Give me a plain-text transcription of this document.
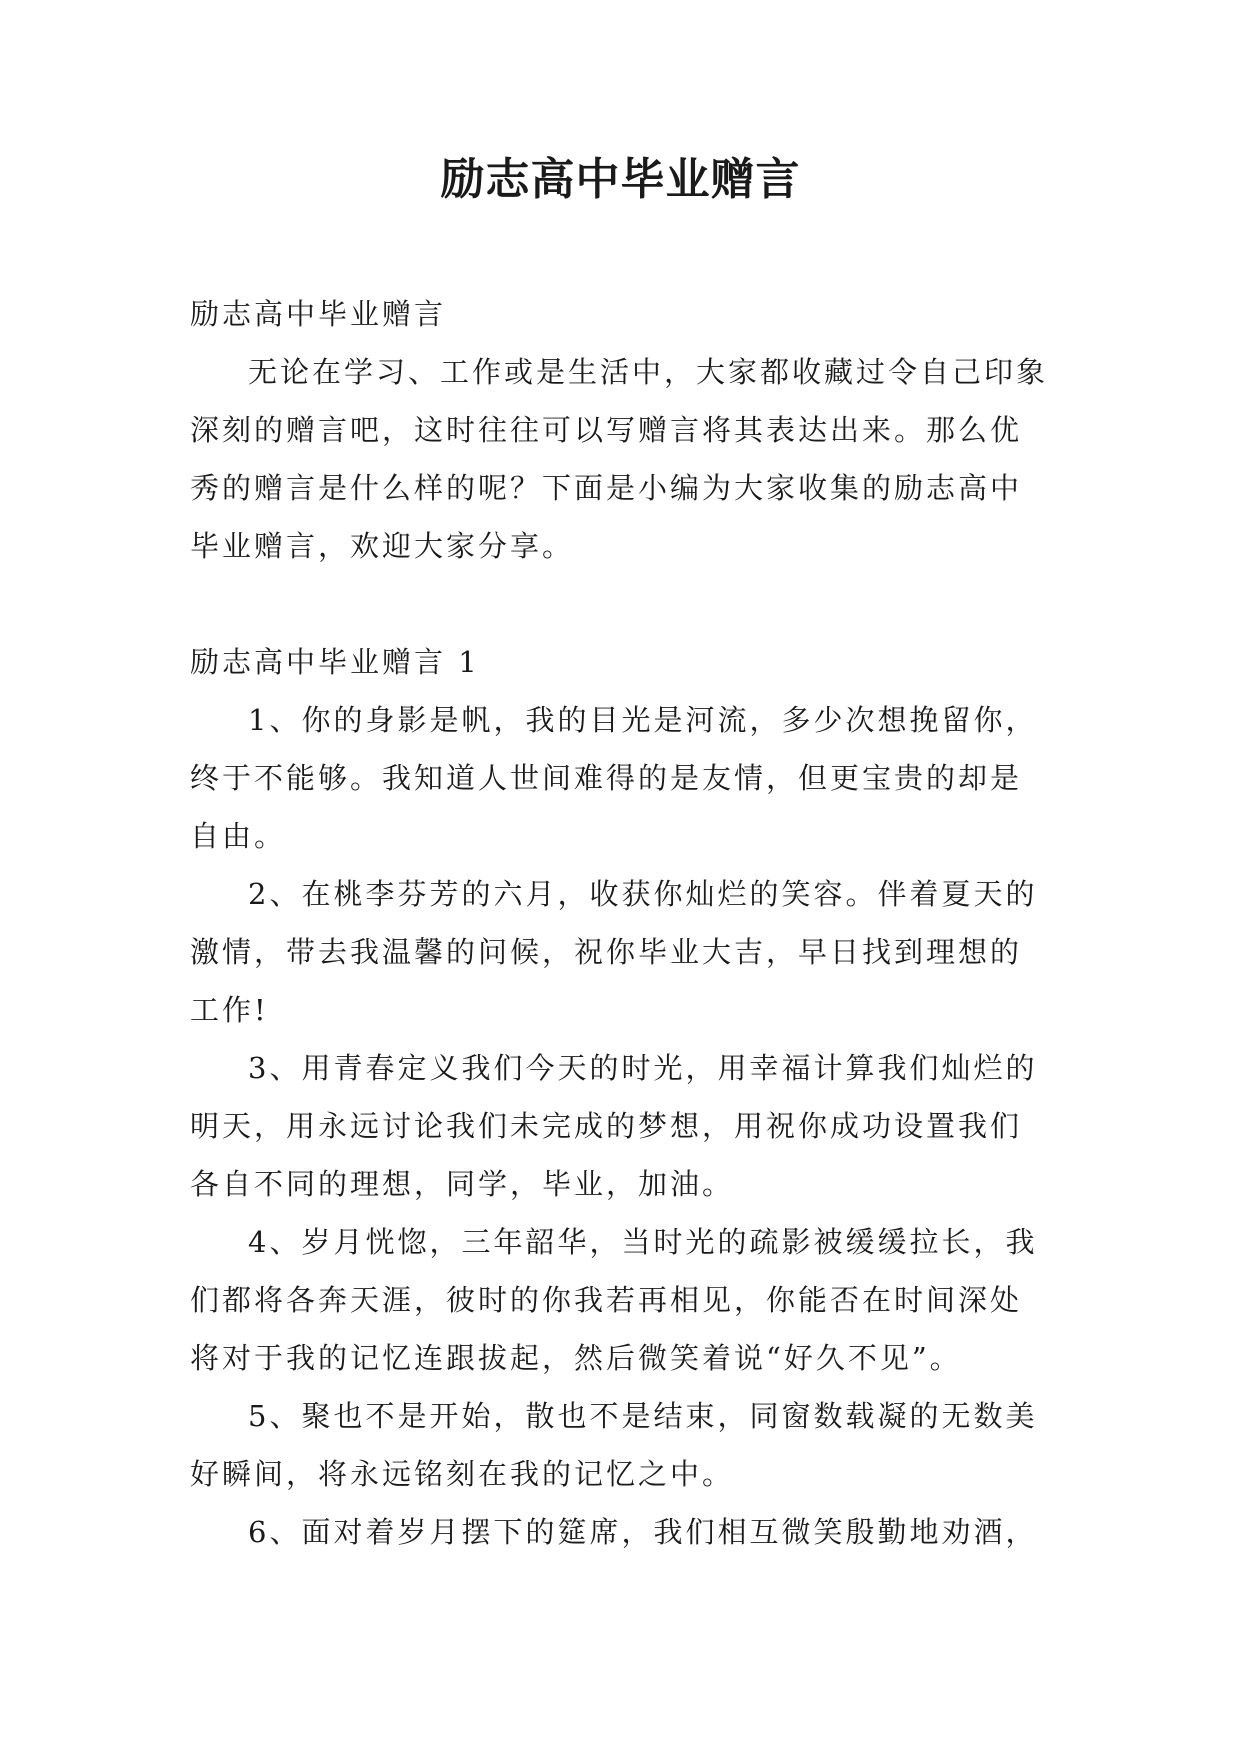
励志高中毕业赠言

励志高中毕业赠言

无论在学习、工作或是生活中，大家都收藏过令自己印象深刻的赠言吧，这时往往可以写赠言将其表达出来。那么优秀的赠言是什么样的呢？下面是小编为大家收集的励志高中毕业赠言，欢迎大家分享。

励志高中毕业赠言 1

1、你的身影是帆，我的目光是河流，多少次想挽留你，终于不能够。我知道人世间难得的是友情，但更宝贵的却是自由。

2、在桃李芬芳的六月，收获你灿烂的笑容。伴着夏天的激情，带去我温馨的问候，祝你毕业大吉，早日找到理想的工作!

3、用青春定义我们今天的时光，用幸福计算我们灿烂的明天，用永远讨论我们未完成的梦想，用祝你成功设置我们各自不同的理想，同学，毕业，加油。

4、岁月恍惚，三年韶华，当时光的疏影被缓缓拉长，我们都将各奔天涯，彼时的你我若再相见，你能否在时间深处将对于我的记忆连跟拔起，然后微笑着说“好久不见”。

5、聚也不是开始，散也不是结束，同窗数载凝的无数美好瞬间，将永远铭刻在我的记忆之中。

6、面对着岁月摆下的筵席，我们相互微笑殷勤地劝酒，
